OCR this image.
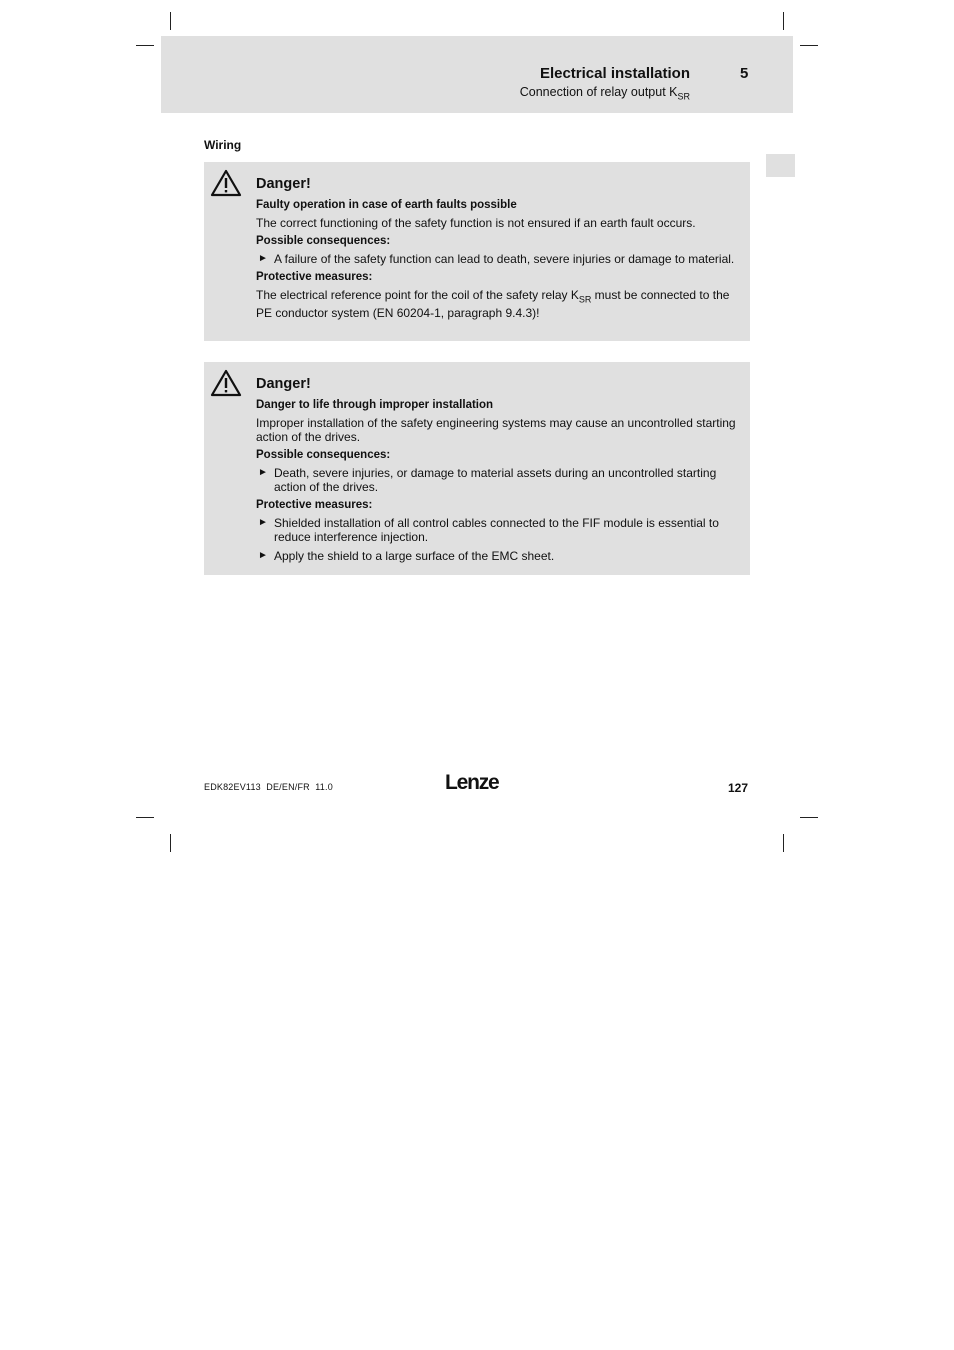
Electrical installation	5
Connection of relay output $K_{SR}$
Wiring
Danger!
Faulty operation in case of earth faults possible
The correct functioning of the safety function is not ensured if an earth fault occurs.
Possible consequences:
► A failure of the safety function can lead to death, severe injuries or damage to material.
Protective measures:
The electrical reference point for the coil of the safety relay $K_{SR}$ must be connected to the PE conductor system (EN 60204-1, paragraph 9.4.3)!
Danger!
Danger to life through improper installation
Improper installation of the safety engineering systems may cause an uncontrolled starting action of the drives.
Possible consequences:
► Death, severe injuries, or damage to material assets during an uncontrolled starting action of the drives.
Protective measures:
► Shielded installation of all control cables connected to the FIF module is essential to reduce interference injection.
► Apply the shield to a large surface of the EMC sheet.
EDK82EV113  DE/EN/FR  11.0	Lenze	127
